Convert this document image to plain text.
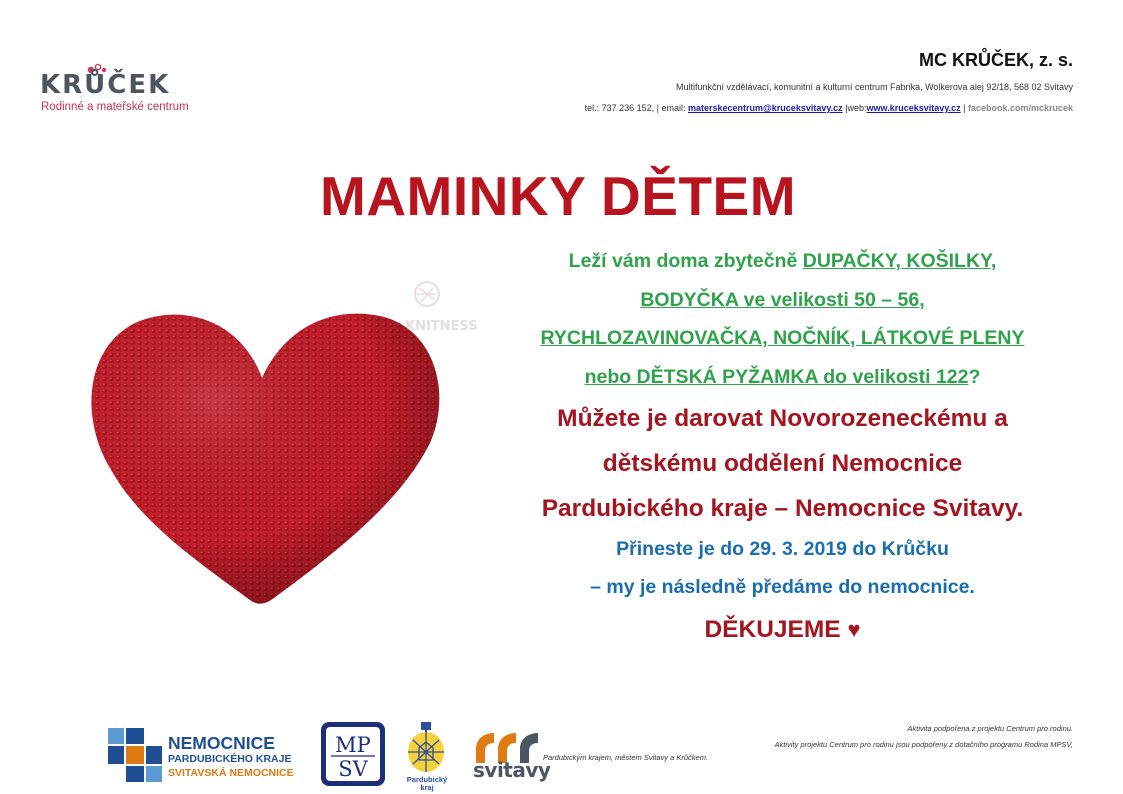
KRŮČEK
Rodinné a mateřské centrum
MC KRŮČEK, z. s.
Multifunkční vzdělávací, komunitní a kulturní centrum Fabrika, Wolkerova alej 92/18, 568 02 Svitavy
tel.: 737 236 152, | email: materskecentrum@kruceksvitavy.cz |web:www.kruceksvitavy.cz | facebook.com/mckrucek
MAMINKY DĚTEM
KNITNESS
Leží vám doma zbytečně DUPAČKY, KOŠILKY,
BODYČKA ve velikosti 50 – 56,
RYCHLOZAVINOVAČKA, NOČNÍK, LÁTKOVÉ PLENY
nebo DĚTSKÁ PYŽAMKA do velikosti 122?
Můžete je darovat Novorozeneckému a
dětskému oddělení Nemocnice
Pardubického kraje – Nemocnice Svitavy.
Přineste je do 29. 3. 2019 do Krůčku
– my je následně předáme do nemocnice.
DĚKUJEME ♥
NEMOCNICE
PARDUBICKÉHO KRAJE
SVITAVSKÁ NEMOCNICE
MP
SV	Pardubický kraj
svitavy
Aktivita podpořena z projektu Centrum pro rodinu.
Aktivity projektu Centrum pro rodinu jsou podpořeny z dotačního programu Rodina MPSV,
Pardubickým krajem, městem Svitavy a Krůčkem.
